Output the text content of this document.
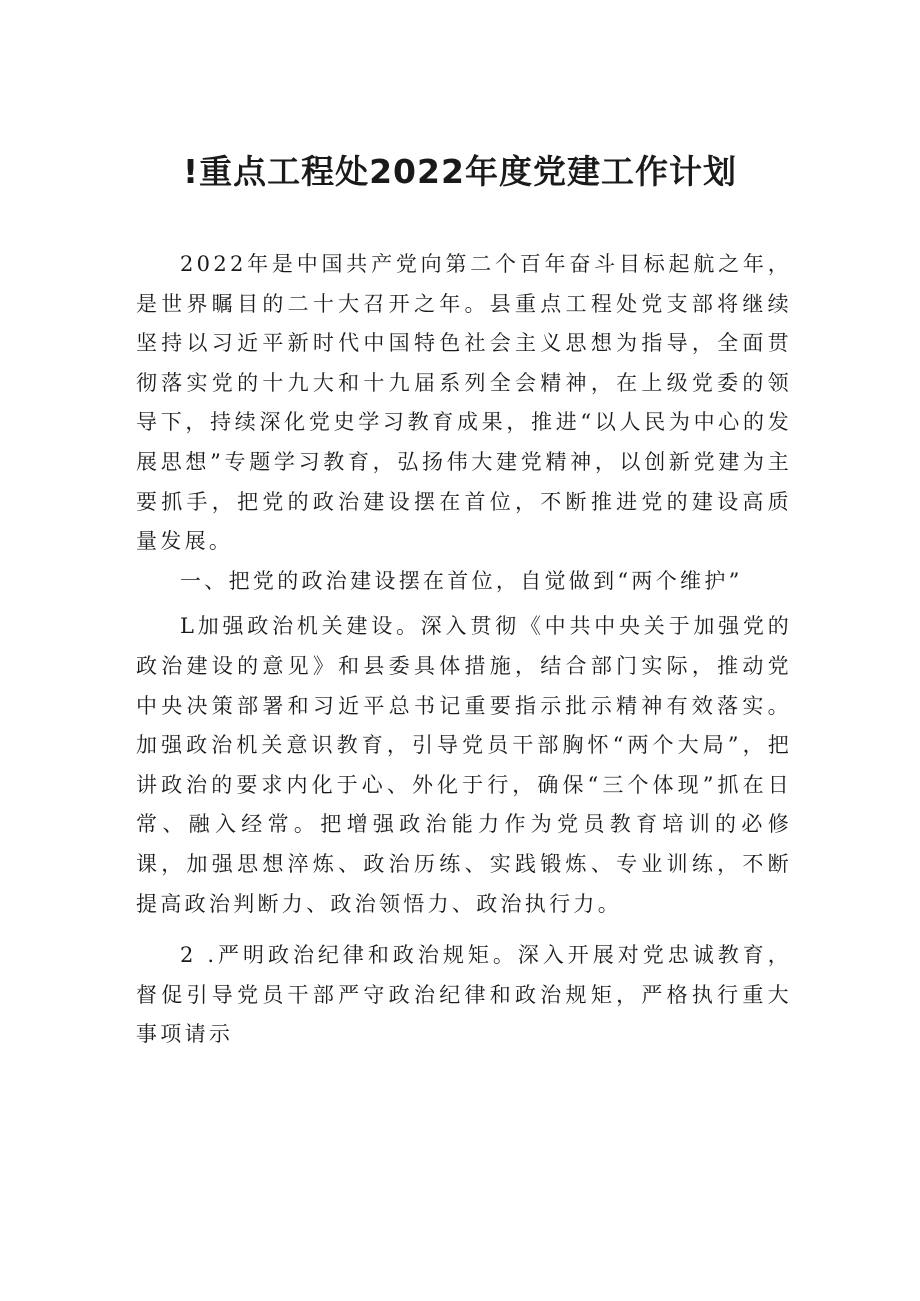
!重点工程处2022年度党建工作计划

2022年是中国共产党向第二个百年奋斗目标起航之年，是世界瞩目的二十大召开之年。县重点工程处党支部将继续坚持以习近平新时代中国特色社会主义思想为指导，全面贯彻落实党的十九大和十九届系列全会精神，在上级党委的领导下，持续深化党史学习教育成果，推进“以人民为中心的发展思想”专题学习教育，弘扬伟大建党精神，以创新党建为主要抓手，把党的政治建设摆在首位，不断推进党的建设高质量发展。

一、把党的政治建设摆在首位，自觉做到“两个维护”

L加强政治机关建设。深入贯彻《中共中央关于加强党的政治建设的意见》和县委具体措施，结合部门实际，推动党中央决策部署和习近平总书记重要指示批示精神有效落实。加强政治机关意识教育，引导党员干部胸怀“两个大局”，把讲政治的要求内化于心、外化于行，确保“三个体现”抓在日常、融入经常。把增强政治能力作为党员教育培训的必修课，加强思想淬炼、政治历练、实践锻炼、专业训练，不断提高政治判断力、政治领悟力、政治执行力。

2 .严明政治纪律和政治规矩。深入开展对党忠诚教育，督促引导党员干部严守政治纪律和政治规矩，严格执行重大事项请示
